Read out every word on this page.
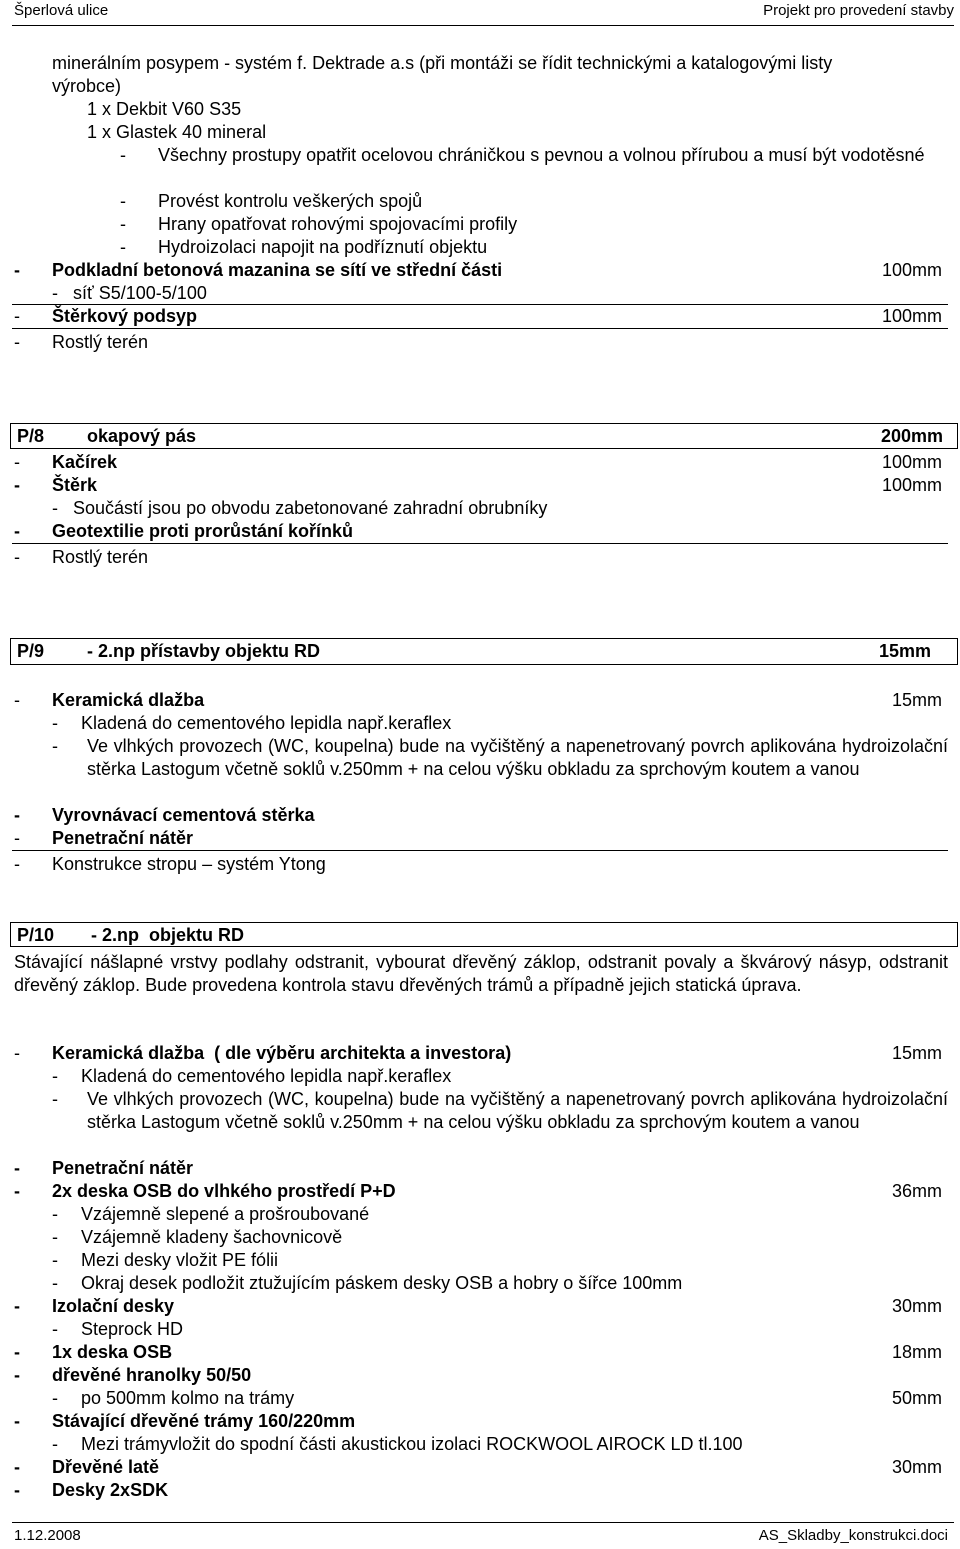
Šperlová ulice	Projekt pro provedení stavby
minerálním posypem - systém f. Dektrade a.s (při montáži se řídit technickými a katalogovými listy
výrobce)
1 x Dekbit V60 S35
1 x Glastek 40 mineral
- Všechny prostupy opatřit ocelovou chráničkou s pevnou a volnou přírubou a musí být vodotěsné
- Provést kontrolu veškerých spojů
- Hrany opatřovat rohovými spojovacími profily
- Hydroizolaci napojit na podříznutí objektu
- Podkladní betonová mazanina se sítí ve střední části	100mm
- síť S5/100-5/100
- Štěrkový podsyp	100mm
- Rostlý terén
P/8 okapový pás	200mm
- Kačírek	100mm
- Štěrk	100mm
- Součástí jsou po obvodu zabetonované zahradní obrubníky
- Geotextilie proti prorůstání kořínků
- Rostlý terén
P/9 - 2.np přístavby objektu RD	15mm
- Keramická dlažba	15mm
- Kladená do cementového lepidla např.keraflex
- Ve vlhkých provozech (WC, koupelna) bude na vyčištěný a napenetrovaný povrch aplikována hydroizolační stěrka Lastogum včetně soklů v.250mm + na celou výšku obkladu za sprchovým koutem a vanou
- Vyrovnávací cementová stěrka
- Penetrační nátěr
- Konstrukce stropu – systém Ytong
P/10 - 2.np  objektu RD
Stávající nášlapné vrstvy podlahy odstranit, vybourat dřevěný záklop, odstranit povaly a škvárový násyp, odstranit dřevěný záklop. Bude provedena kontrola stavu dřevěných trámů a případně jejich statická úprava.
- Keramická dlažba  ( dle výběru architekta a investora)	15mm
- Kladená do cementového lepidla např.keraflex
- Ve vlhkých provozech (WC, koupelna) bude na vyčištěný a napenetrovaný povrch aplikována hydroizolační stěrka Lastogum včetně soklů v.250mm + na celou výšku obkladu za sprchovým koutem a vanou
- Penetrační nátěr
- 2x deska OSB do vlhkého prostředí P+D	36mm
- Vzájemně slepené a prošroubované
- Vzájemně kladeny šachovnicově
- Mezi desky vložit PE fólii
- Okraj desek podložit ztužujícím páskem desky OSB a hobry o šířce 100mm
- Izolační desky	30mm
- Steprock HD
- 1x deska OSB	18mm
- dřevěné hranolky 50/50
- po 500mm kolmo na trámy	50mm
- Stávající dřevěné trámy 160/220mm
- Mezi trámyvložit do spodní části akustickou izolaci ROCKWOOL AIROCK LD tl.100
- Dřevěné latě	30mm
- Desky 2xSDK
1.12.2008	AS_Skladby_konstrukci.doci
